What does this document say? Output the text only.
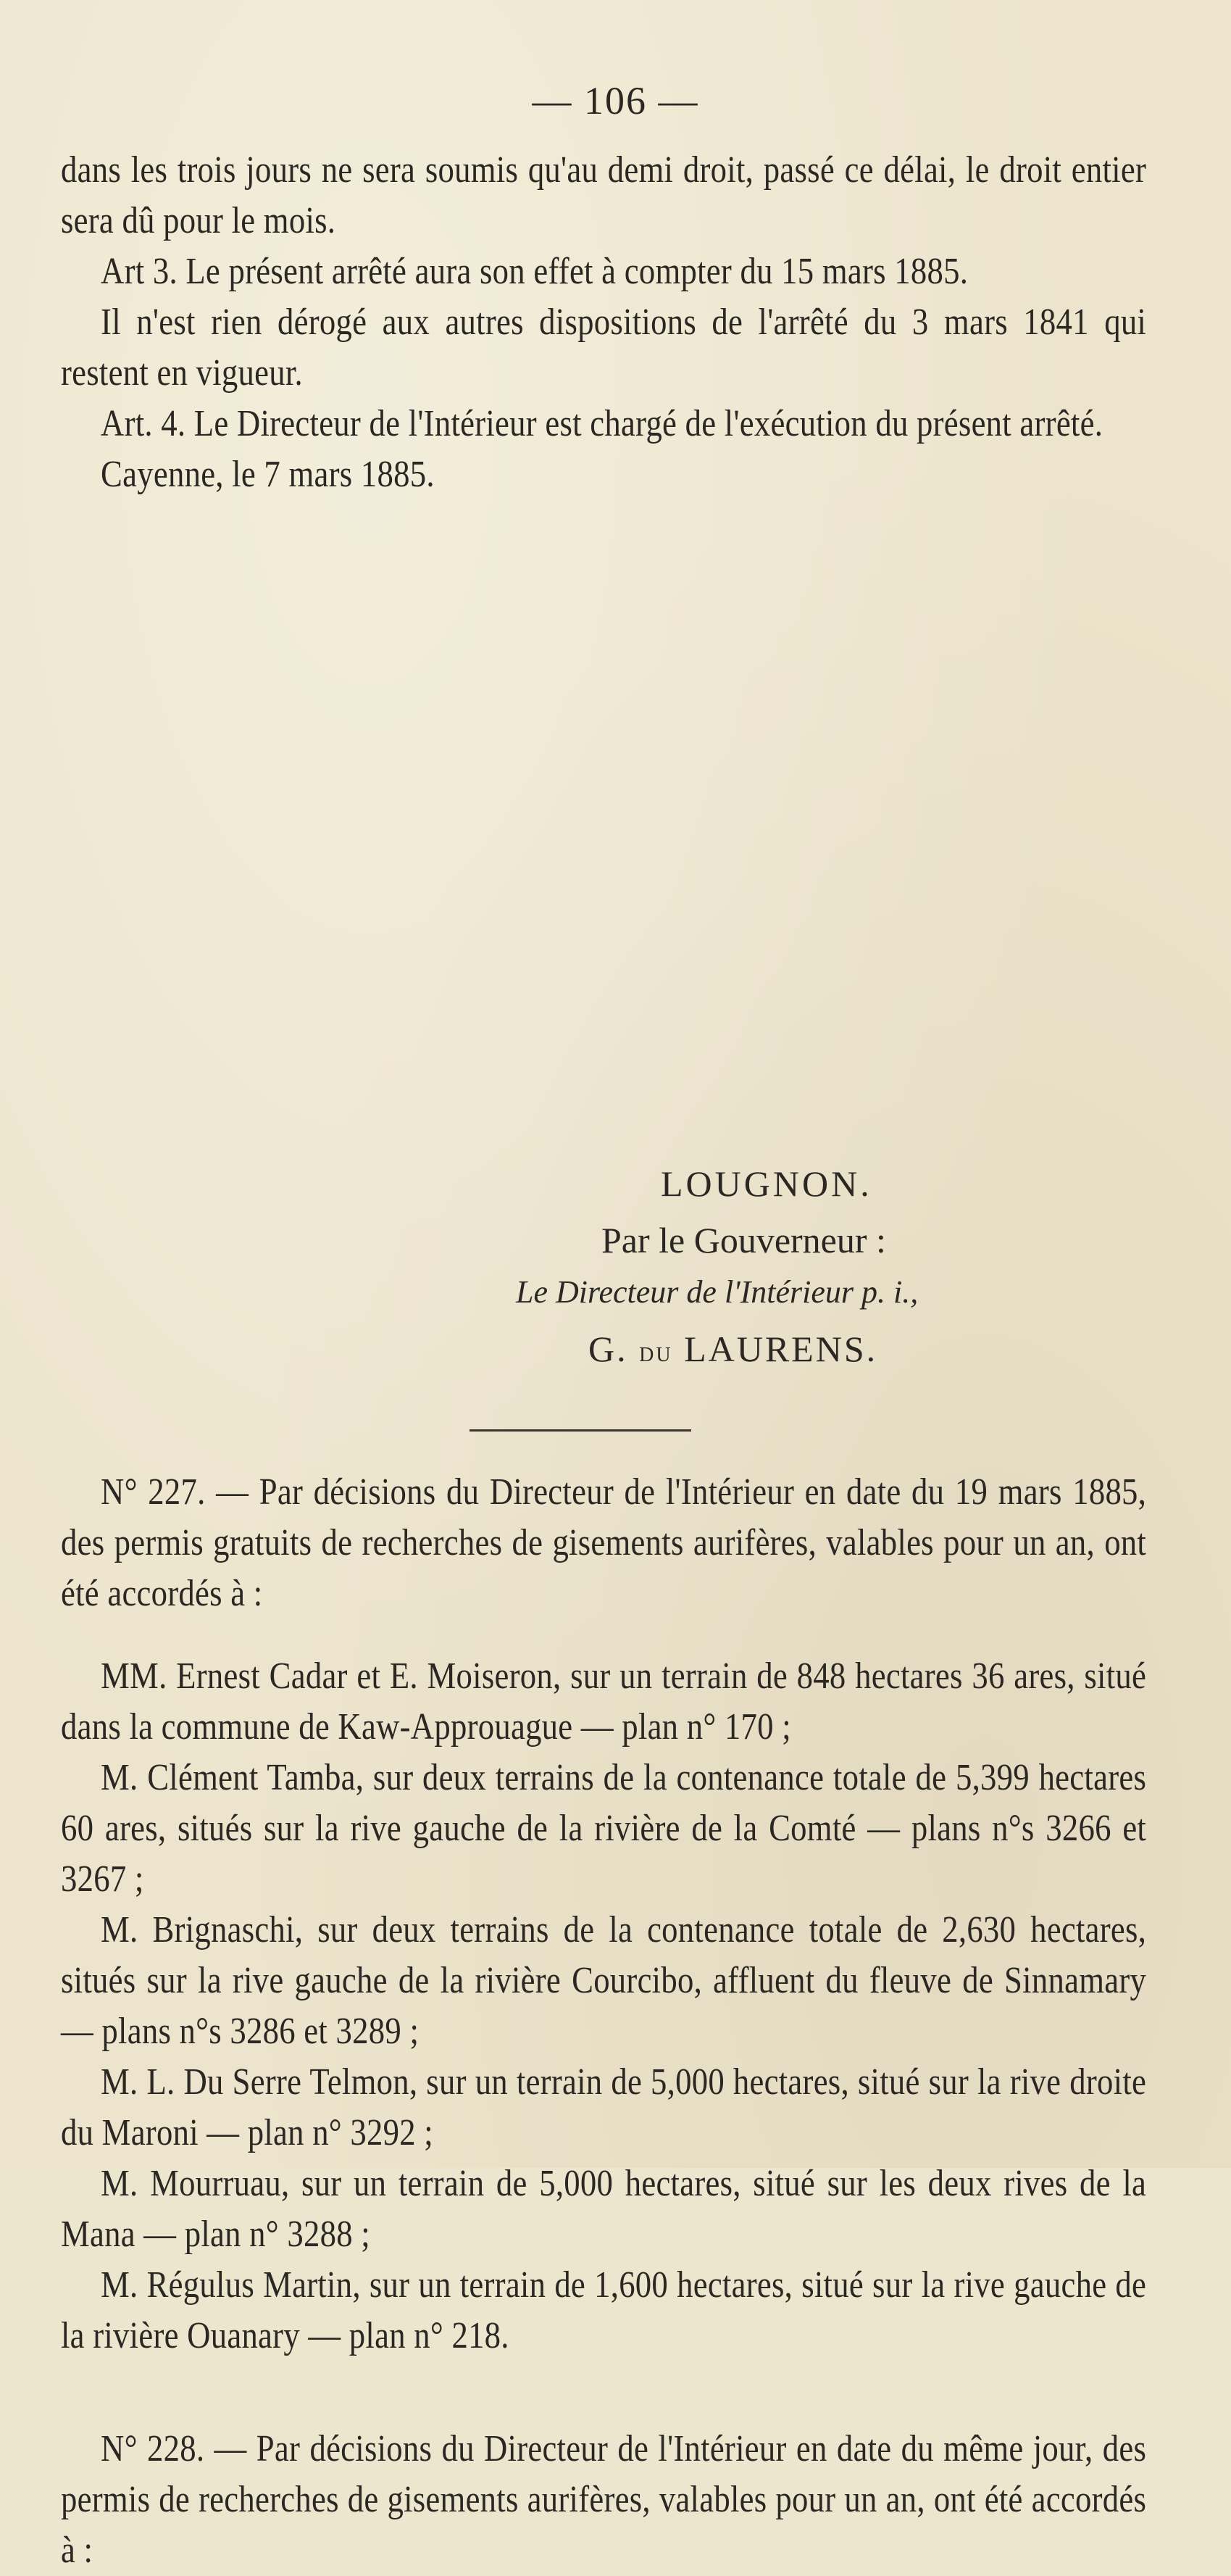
— 106 —

dans les trois jours ne sera soumis qu'au demi droit, passé ce délai, le droit entier sera dû pour le mois.

Art 3. Le présent arrêté aura son effet à compter du 15 mars 1885.

Il n'est rien dérogé aux autres dispositions de l'arrêté du 3 mars 1841 qui restent en vigueur.

Art. 4. Le Directeur de l'Intérieur est chargé de l'exécution du présent arrêté.

Cayenne, le 7 mars 1885.

LOUGNON.
Par le Gouverneur :
Le Directeur de l'Intérieur p. i.,
G. du LAURENS.

N° 227. — Par décisions du Directeur de l'Intérieur en date du 19 mars 1885, des permis gratuits de recherches de gisements aurifères, valables pour un an, ont été accordés à :

MM. Ernest Cadar et E. Moiseron, sur un terrain de 848 hectares 36 ares, situé dans la commune de Kaw-Approuague — plan n° 170 ;

M. Clément Tamba, sur deux terrains de la contenance totale de 5,399 hectares 60 ares, situés sur la rive gauche de la rivière de la Comté — plans n°s 3266 et 3267 ;

M. Brignaschi, sur deux terrains de la contenance totale de 2,630 hectares, situés sur la rive gauche de la rivière Courcibo, affluent du fleuve de Sinnamary — plans n°s 3286 et 3289 ;

M. L. Du Serre Telmon, sur un terrain de 5,000 hectares, situé sur la rive droite du Maroni — plan n° 3292 ;

M. Mourruau, sur un terrain de 5,000 hectares, situé sur les deux rives de la Mana — plan n° 3288 ;

M. Régulus Martin, sur un terrain de 1,600 hectares, situé sur la rive gauche de la rivière Ouanary — plan n° 218.

N° 228. — Par décisions du Directeur de l'Intérieur en date du même jour, des permis de recherches de gisements aurifères, valables pour un an, ont été accordés à :
